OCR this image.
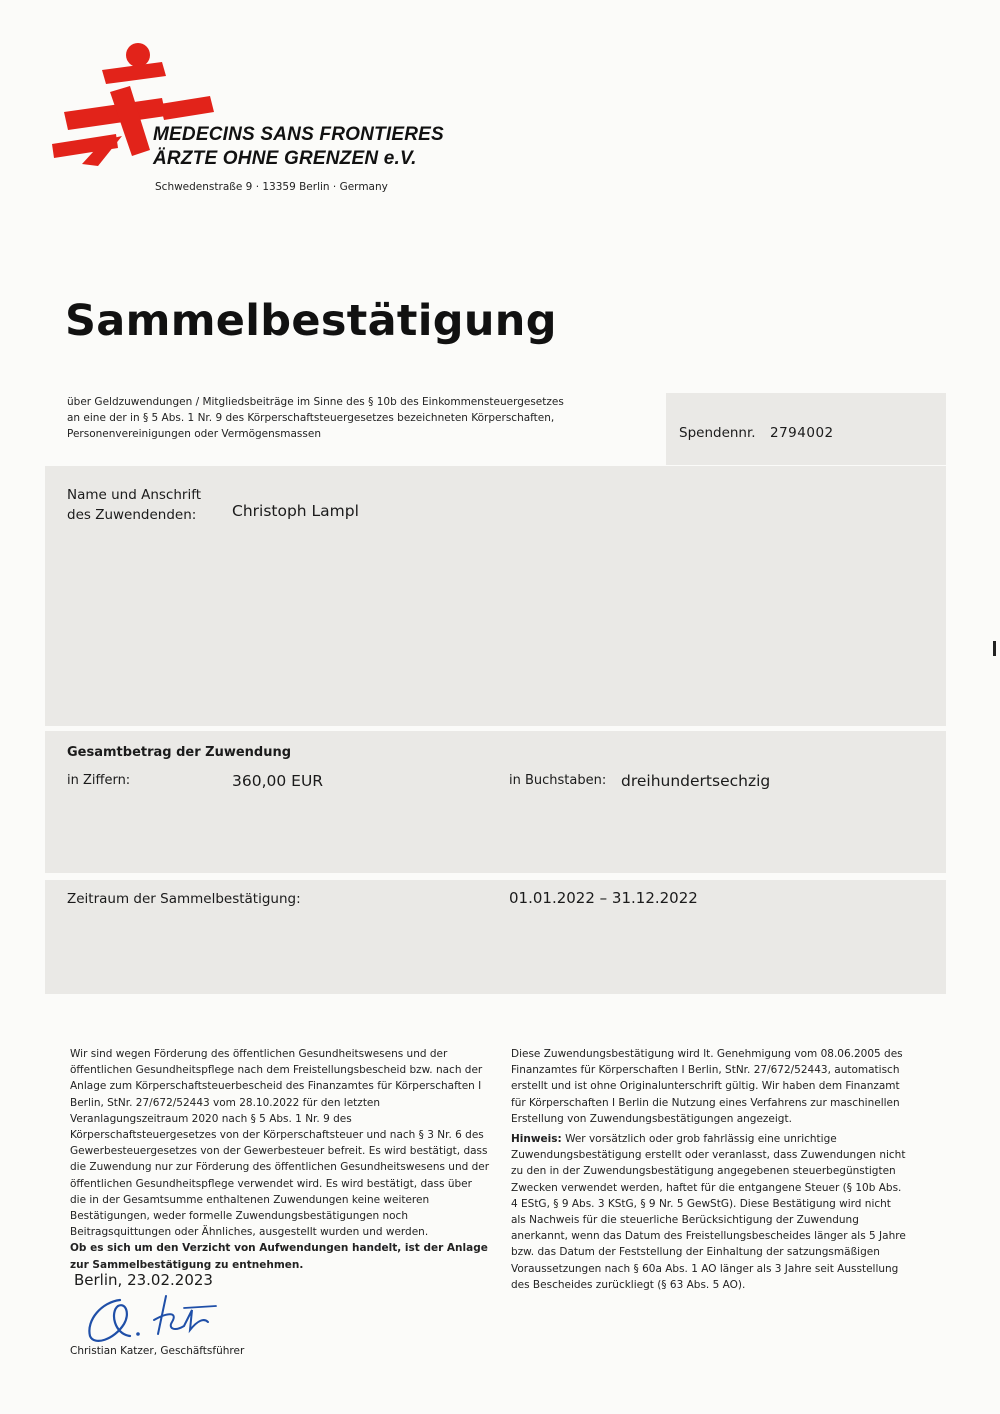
MEDECINS SANS FRONTIERES
ÄRZTE OHNE GRENZEN e.V.
Schwedenstraße 9 · 13359 Berlin · Germany
Sammelbestätigung
über Geldzuwendungen / Mitgliedsbeiträge im Sinne des § 10b des Einkommensteuergesetzes
an eine der in § 5 Abs. 1 Nr. 9 des Körperschaftsteuergesetzes bezeichneten Körperschaften,
Personenvereinigungen oder Vermögensmassen	Spendennr. 2794002
Name und Anschrift
des Zuwendenden:	Christoph Lampl
Gesamtbetrag der Zuwendung
in Ziffern:	360,00 EUR	in Buchstaben: dreihundertsechzig
Zeitraum der Sammelbestätigung:	01.01.2022 – 31.12.2022

Wir sind wegen Förderung des öffentlichen Gesundheitswesens und der öffentlichen Gesundheitspflege nach dem Freistellungsbescheid bzw. nach der Anlage zum Körperschaftsteuerbescheid des Finanzamtes für Körperschaften I Berlin, StNr. 27/672/52443 vom 28.10.2022 für den letzten Veranlagungszeitraum 2020 nach § 5 Abs. 1 Nr. 9 des Körperschaftsteuergesetzes von der Körperschaftsteuer und nach § 3 Nr. 6 des Gewerbesteuergesetzes von der Gewerbesteuer befreit. Es wird bestätigt, dass die Zuwendung nur zur Förderung des öffentlichen Gesundheitswesens und der öffentlichen Gesundheitspflege verwendet wird. Es wird bestätigt, dass über die in der Gesamtsumme enthaltenen Zuwendungen keine weiteren Bestätigungen, weder formelle Zuwendungsbestätigungen noch Beitragsquittungen oder Ähnliches, ausgestellt wurden und werden.

Ob es sich um den Verzicht von Aufwendungen handelt, ist der Anlage zur Sammelbestätigung zu entnehmen.

Diese Zuwendungsbestätigung wird lt. Genehmigung vom 08.06.2005 des Finanzamtes für Körperschaften I Berlin, StNr. 27/672/52443, automatisch erstellt und ist ohne Originalunterschrift gültig. Wir haben dem Finanzamt für Körperschaften I Berlin die Nutzung eines Verfahrens zur maschinellen Erstellung von Zuwendungsbestätigungen angezeigt.

Hinweis: Wer vorsätzlich oder grob fahrlässig eine unrichtige Zuwendungsbestätigung erstellt oder veranlasst, dass Zuwendungen nicht zu den in der Zuwendungsbestätigung angegebenen steuerbegünstigten Zwecken verwendet werden, haftet für die entgangene Steuer (§ 10b Abs. 4 EStG, § 9 Abs. 3 KStG, § 9 Nr. 5 GewStG). Diese Bestätigung wird nicht als Nachweis für die steuerliche Berücksichtigung der Zuwendung anerkannt, wenn das Datum des Freistellungsbescheides länger als 5 Jahre bzw. das Datum der Feststellung der Einhaltung der satzungsmäßigen Voraussetzungen nach § 60a Abs. 1 AO länger als 3 Jahre seit Ausstellung des Bescheides zurückliegt (§ 63 Abs. 5 AO).

Berlin, 23.02.2023
Christian Katzer, Geschäftsführer
